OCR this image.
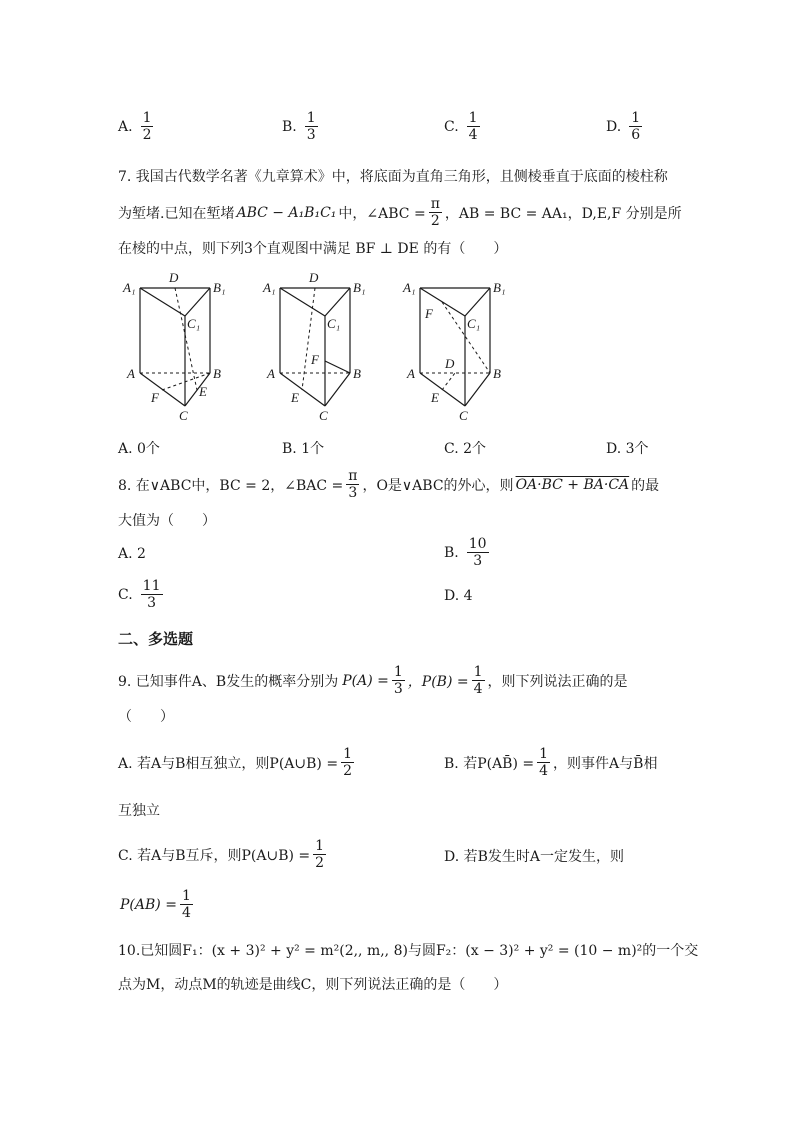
A. $\frac{1}{2}$	B. $\frac{1}{3}$	C. $\frac{1}{4}$	D. $\frac{1}{6}$
7. 我国古代数学名著《九章算术》中，将底面为直角三角形，且侧棱垂直于底面的棱柱称
为堑堵.已知在堑堵 ABC − A₁B₁C₁ 中，∠ABC = $\frac{\pi}{2}$ ，AB = BC = AA₁，D,E,F 分别是所
在棱的中点，则下列3个直观图中满足 BF ⊥ DE 的有（　　）
A₁
D
B₁
C₁
A	B
F	E
C
A₁
D
B₁
C₁
F
A	B
E
C
A₁	B₁
F
C₁
D
A	B
E
C
A. 0个	B. 1个	C. 2个	D. 3个
8. 在∨ABC中，BC = 2，∠BAC = $\frac{\pi}{3}$ ，O是∨ABC的外心，则 OA·BC + BA·CA 的最
大值为（　　）
A. 2	B. $\frac{10}{3}$
C. $\frac{11}{3}$	D. 4
二、多选题
9. 已知事件A、B发生的概率分别为 $P(A) = \frac{1}{3}$ ，$P(B) = \frac{1}{4}$ ，则下列说法正确的是
（　　）
A. 若A与B相互独立，则P(A∪B) = $\frac{1}{2}$	B. 若P(AB̄) = $\frac{1}{4}$ ，则事件A与B̄相
互独立
C. 若A与B互斥，则P(A∪B) = $\frac{1}{2}$	D. 若B发生时A一定发生，则
$P(AB) = \frac{1}{4}$
10.已知圆F₁：(x + 3)² + y² = m²(2,, m,, 8)与圆F₂：(x − 3)² + y² = (10 − m)²的一个交
点为M，动点M的轨迹是曲线C，则下列说法正确的是（　　）
